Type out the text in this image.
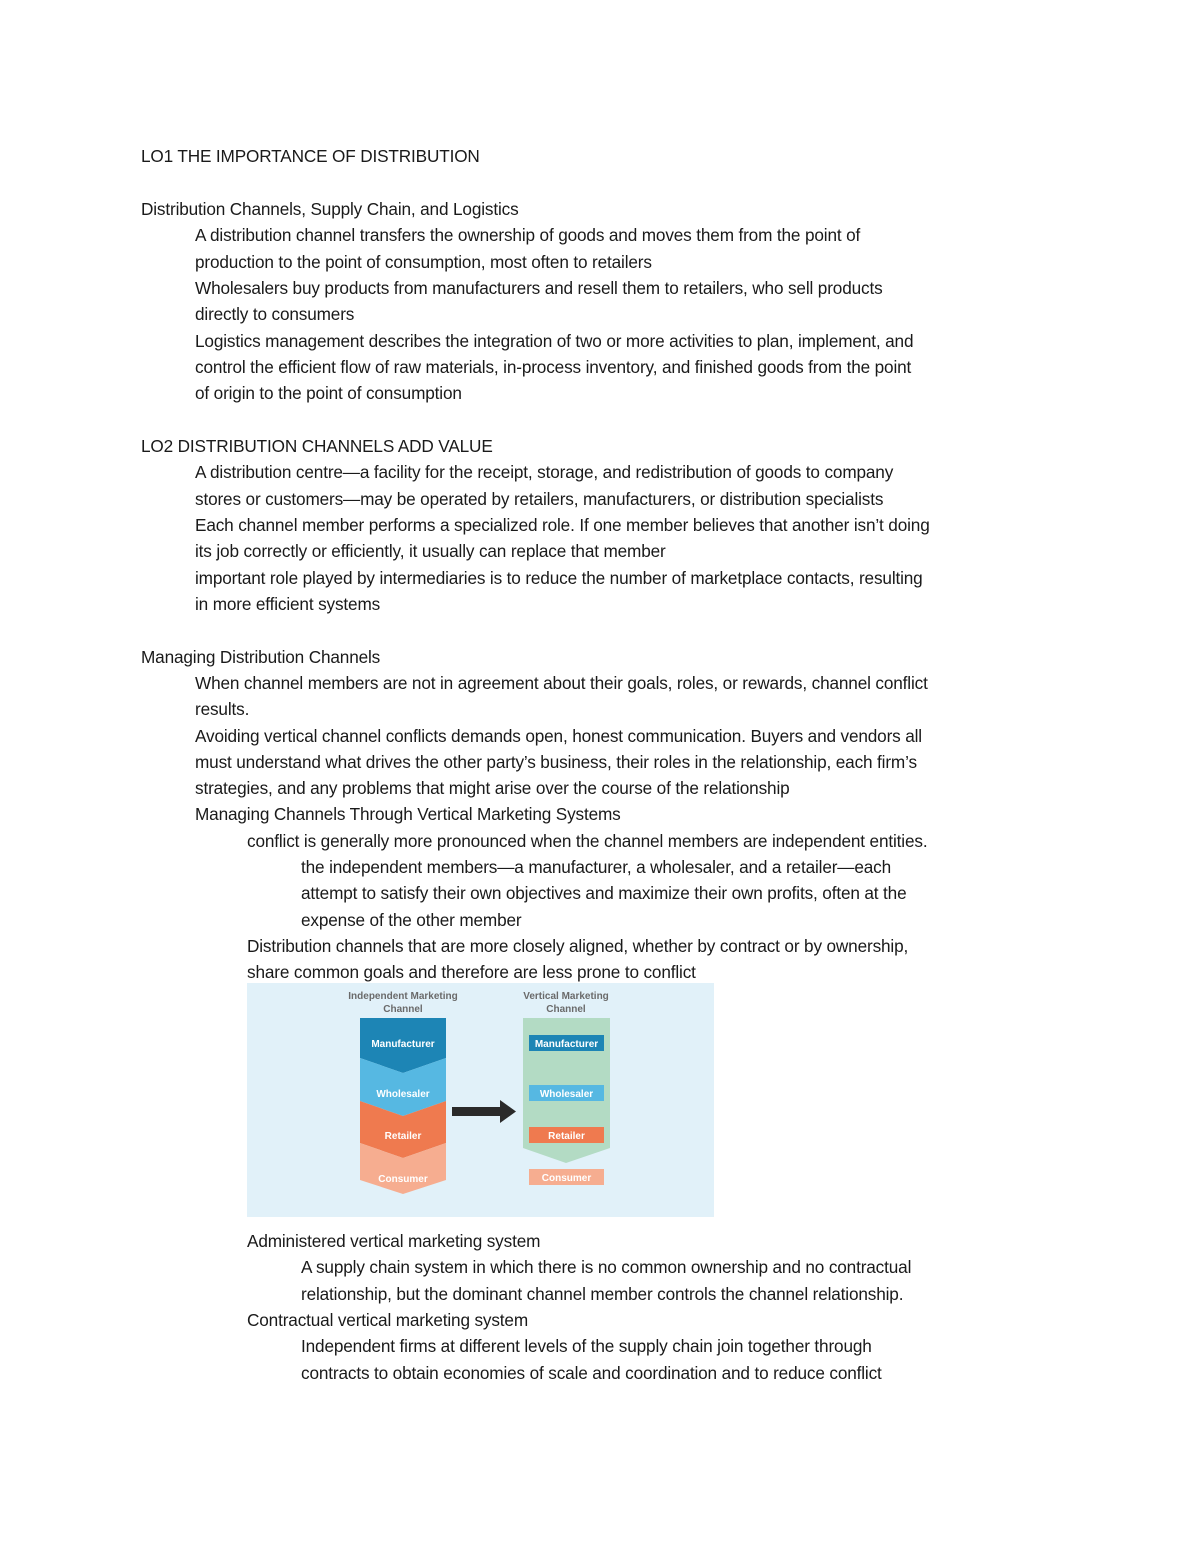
LO1 THE IMPORTANCE OF DISTRIBUTION
Distribution Channels, Supply Chain, and Logistics
A distribution channel transfers the ownership of goods and moves them from the point of
production to the point of consumption, most often to retailers
Wholesalers buy products from manufacturers and resell them to retailers, who sell products
directly to consumers
Logistics management describes the integration of two or more activities to plan, implement, and
control the efficient flow of raw materials, in-process inventory, and finished goods from the point
of origin to the point of consumption
LO2 DISTRIBUTION CHANNELS ADD VALUE
A distribution centre—a facility for the receipt, storage, and redistribution of goods to company
stores or customers—may be operated by retailers, manufacturers, or distribution specialists
Each channel member performs a specialized role. If one member believes that another isn’t doing
its job correctly or efficiently, it usually can replace that member
important role played by intermediaries is to reduce the number of marketplace contacts, resulting
in more efficient systems
Managing Distribution Channels
When channel members are not in agreement about their goals, roles, or rewards, channel conflict
results.
Avoiding vertical channel conflicts demands open, honest communication. Buyers and vendors all
must understand what drives the other party’s business, their roles in the relationship, each firm’s
strategies, and any problems that might arise over the course of the relationship
Managing Channels Through Vertical Marketing Systems
conflict is generally more pronounced when the channel members are independent entities.
the independent members—a manufacturer, a wholesaler, and a retailer—each
attempt to satisfy their own objectives and maximize their own profits, often at the
expense of the other member
Distribution channels that are more closely aligned, whether by contract or by ownership,
share common goals and therefore are less prone to conflict
Independent Marketing
Channel
Vertical Marketing
Channel
Manufacturer
Wholesaler
Retailer
Consumer
Manufacturer
Wholesaler
Retailer
Consumer
Administered vertical marketing system
A supply chain system in which there is no common ownership and no contractual
relationship, but the dominant channel member controls the channel relationship.
Contractual vertical marketing system
Independent firms at different levels of the supply chain join together through
contracts to obtain economies of scale and coordination and to reduce conflict
